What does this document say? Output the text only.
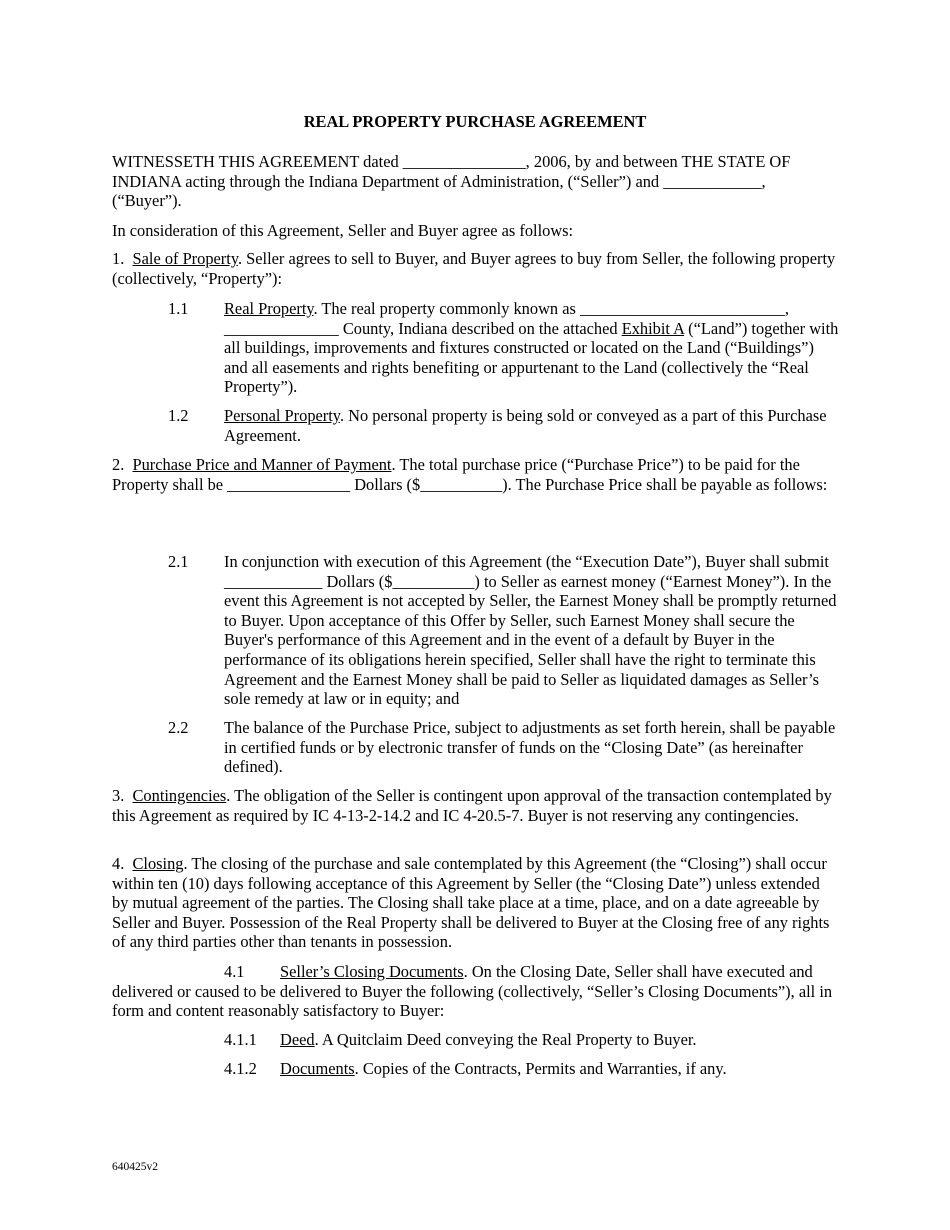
REAL PROPERTY PURCHASE AGREEMENT

WITNESSETH THIS AGREEMENT dated _______________, 2006, by and between THE STATE OF INDIANA acting through the Indiana Department of Administration, (“Seller”) and ____________, (“Buyer”).

In consideration of this Agreement, Seller and Buyer agree as follows:

1. Sale of Property. Seller agrees to sell to Buyer, and Buyer agrees to buy from Seller, the following property (collectively, “Property”):

1.1 Real Property. The real property commonly known as _________________________, ______________ County, Indiana described on the attached Exhibit A (“Land”) together with all buildings, improvements and fixtures constructed or located on the Land (“Buildings”) and all easements and rights benefiting or appurtenant to the Land (collectively the “Real Property”).

1.2 Personal Property. No personal property is being sold or conveyed as a part of this Purchase Agreement.

2. Purchase Price and Manner of Payment. The total purchase price (“Purchase Price”) to be paid for the Property shall be _______________ Dollars ($__________). The Purchase Price shall be payable as follows:

2.1 In conjunction with execution of this Agreement (the “Execution Date”), Buyer shall submit ____________ Dollars ($__________) to Seller as earnest money (“Earnest Money”). In the event this Agreement is not accepted by Seller, the Earnest Money shall be promptly returned to Buyer. Upon acceptance of this Offer by Seller, such Earnest Money shall secure the Buyer's performance of this Agreement and in the event of a default by Buyer in the performance of its obligations herein specified, Seller shall have the right to terminate this Agreement and the Earnest Money shall be paid to Seller as liquidated damages as Seller’s sole remedy at law or in equity; and

2.2 The balance of the Purchase Price, subject to adjustments as set forth herein, shall be payable in certified funds or by electronic transfer of funds on the “Closing Date” (as hereinafter defined).

3. Contingencies. The obligation of the Seller is contingent upon approval of the transaction contemplated by this Agreement as required by IC 4-13-2-14.2 and IC 4-20.5-7. Buyer is not reserving any contingencies.

4. Closing. The closing of the purchase and sale contemplated by this Agreement (the “Closing”) shall occur within ten (10) days following acceptance of this Agreement by Seller (the “Closing Date”) unless extended by mutual agreement of the parties. The Closing shall take place at a time, place, and on a date agreeable by Seller and Buyer. Possession of the Real Property shall be delivered to Buyer at the Closing free of any rights of any third parties other than tenants in possession.

4.1 Seller’s Closing Documents. On the Closing Date, Seller shall have executed and delivered or caused to be delivered to Buyer the following (collectively, “Seller’s Closing Documents”), all in form and content reasonably satisfactory to Buyer:

4.1.1 Deed. A Quitclaim Deed conveying the Real Property to Buyer.

4.1.2 Documents. Copies of the Contracts, Permits and Warranties, if any.

640425v2
